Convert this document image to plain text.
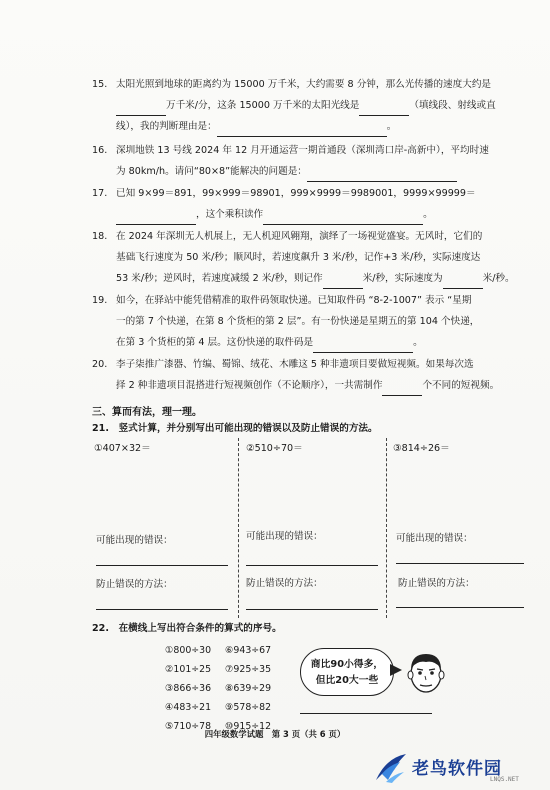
15. 太阳光照到地球的距离约为 15000 万千米，大约需要 8 分钟，那么光传播的速度大约是
万千米/分，这条 15000 万千米的太阳光线是	（填线段、射线或直
线），我的判断理由是：	。
16. 深圳地铁 13 号线 2024 年 12 月开通运营一期首通段（深圳湾口岸-高新中），平均时速
为 80km/h。请问“80×8”能解决的问题是：
17. 已知 9×99＝891，99×999＝98901，999×9999＝9989001，9999×99999＝
，这个乘积读作	。
18. 在 2024 年深圳无人机展上，无人机迎风翱翔，演绎了一场视觉盛宴。无风时，它们的
基础飞行速度为 50 米/秒；顺风时，若速度飙升 3 米/秒，记作+3 米/秒，实际速度达
53 米/秒；逆风时，若速度减缓 2 米/秒，则记作	米/秒，实际速度为	米/秒。
19. 如今，在驿站中能凭借精准的取件码领取快递。已知取件码 “8-2-1007” 表示 “星期
一的第 7 个快递，在第 8 个货柜的第 2 层”。有一份快递是星期五的第 104 个快递，
在第 3 个货柜的第 4 层。这份快递的取件码是	。
20. 李子柒推广漆器、竹编、蜀锦、绒花、木雕这 5 种非遗项目要做短视频。如果每次选
择 2 种非遗项目混搭进行短视频创作（不论顺序），一共需制作	个不同的短视频。
三、算而有法，理一理。
21.　竖式计算，并分别写出可能出现的错误以及防止错误的方法。
①407×32＝	②510÷70＝	③814÷26＝
可能出现的错误：	可能出现的错误：	可能出现的错误：
防止错误的方法：	防止错误的方法：	防止错误的方法：
22.　在横线上写出符合条件的算式的序号。
①800÷30
②101÷25
③866÷36
④483÷21
⑤710÷78
⑥943÷67
⑦925÷35
⑧639÷29
⑨578÷82
⑩915÷12
商比90小得多，
但比20大一些
四年级数学试题　第 3 页（共 6 页）
老鸟软件园
LNQS.NET
